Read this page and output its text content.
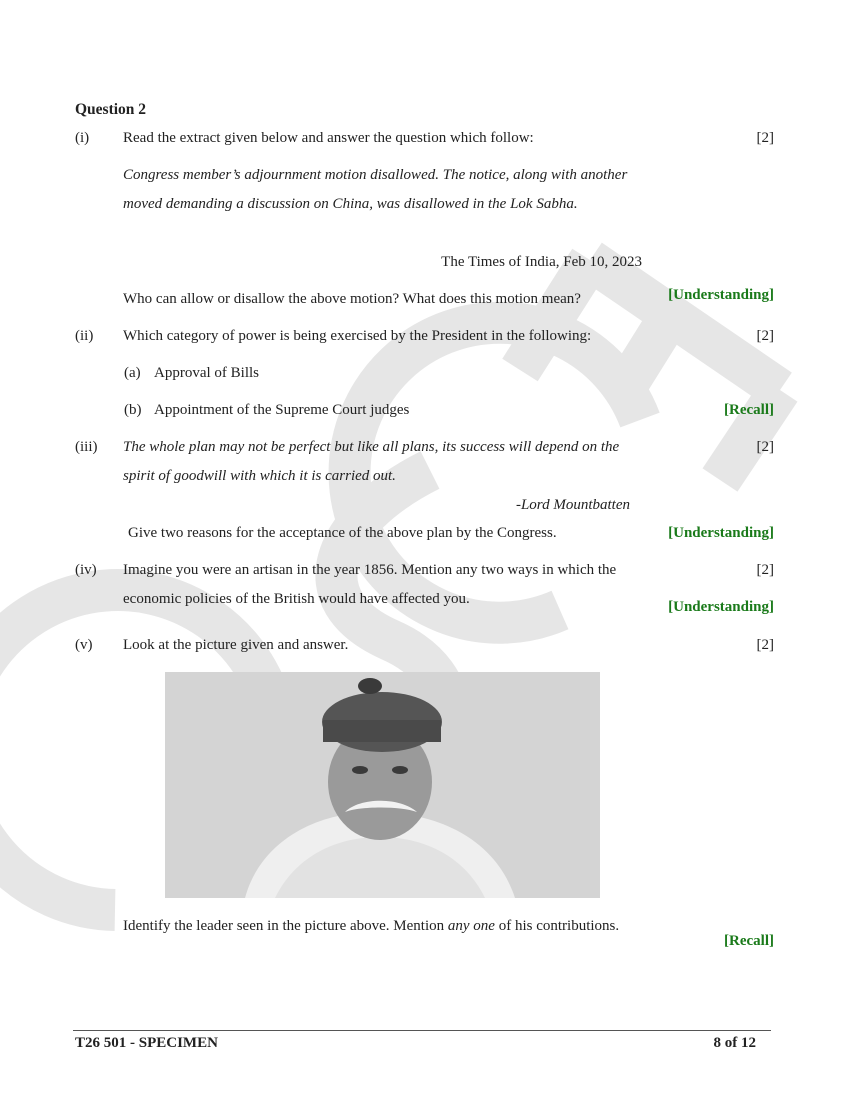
Question 2
(i) Read the extract given below and answer the question which follow:	[2]
Congress member’s adjournment motion disallowed. The notice, along with another moved demanding a discussion on China, was disallowed in the Lok Sabha.
The Times of India, Feb 10, 2023
Who can allow or disallow the above motion? What does this motion mean?	[Understanding]
(ii) Which category of power is being exercised by the President in the following:	[2]
(a) Approval of Bills
(b) Appointment of the Supreme Court judges	[Recall]
(iii) The whole plan may not be perfect but like all plans, its success will depend on the spirit of goodwill with which it is carried out.
[2]
-Lord Mountbatten
Give two reasons for the acceptance of the above plan by the Congress.	[Understanding]
(iv) Imagine you were an artisan in the year 1856. Mention any two ways in which the economic policies of the British would have affected you.
[2]
[Understanding]
(v) Look at the picture given and answer.	[2]
Identify the leader seen in the picture above. Mention any one of his contributions.
[Recall]
T26 501 - SPECIMEN	8 of 12
